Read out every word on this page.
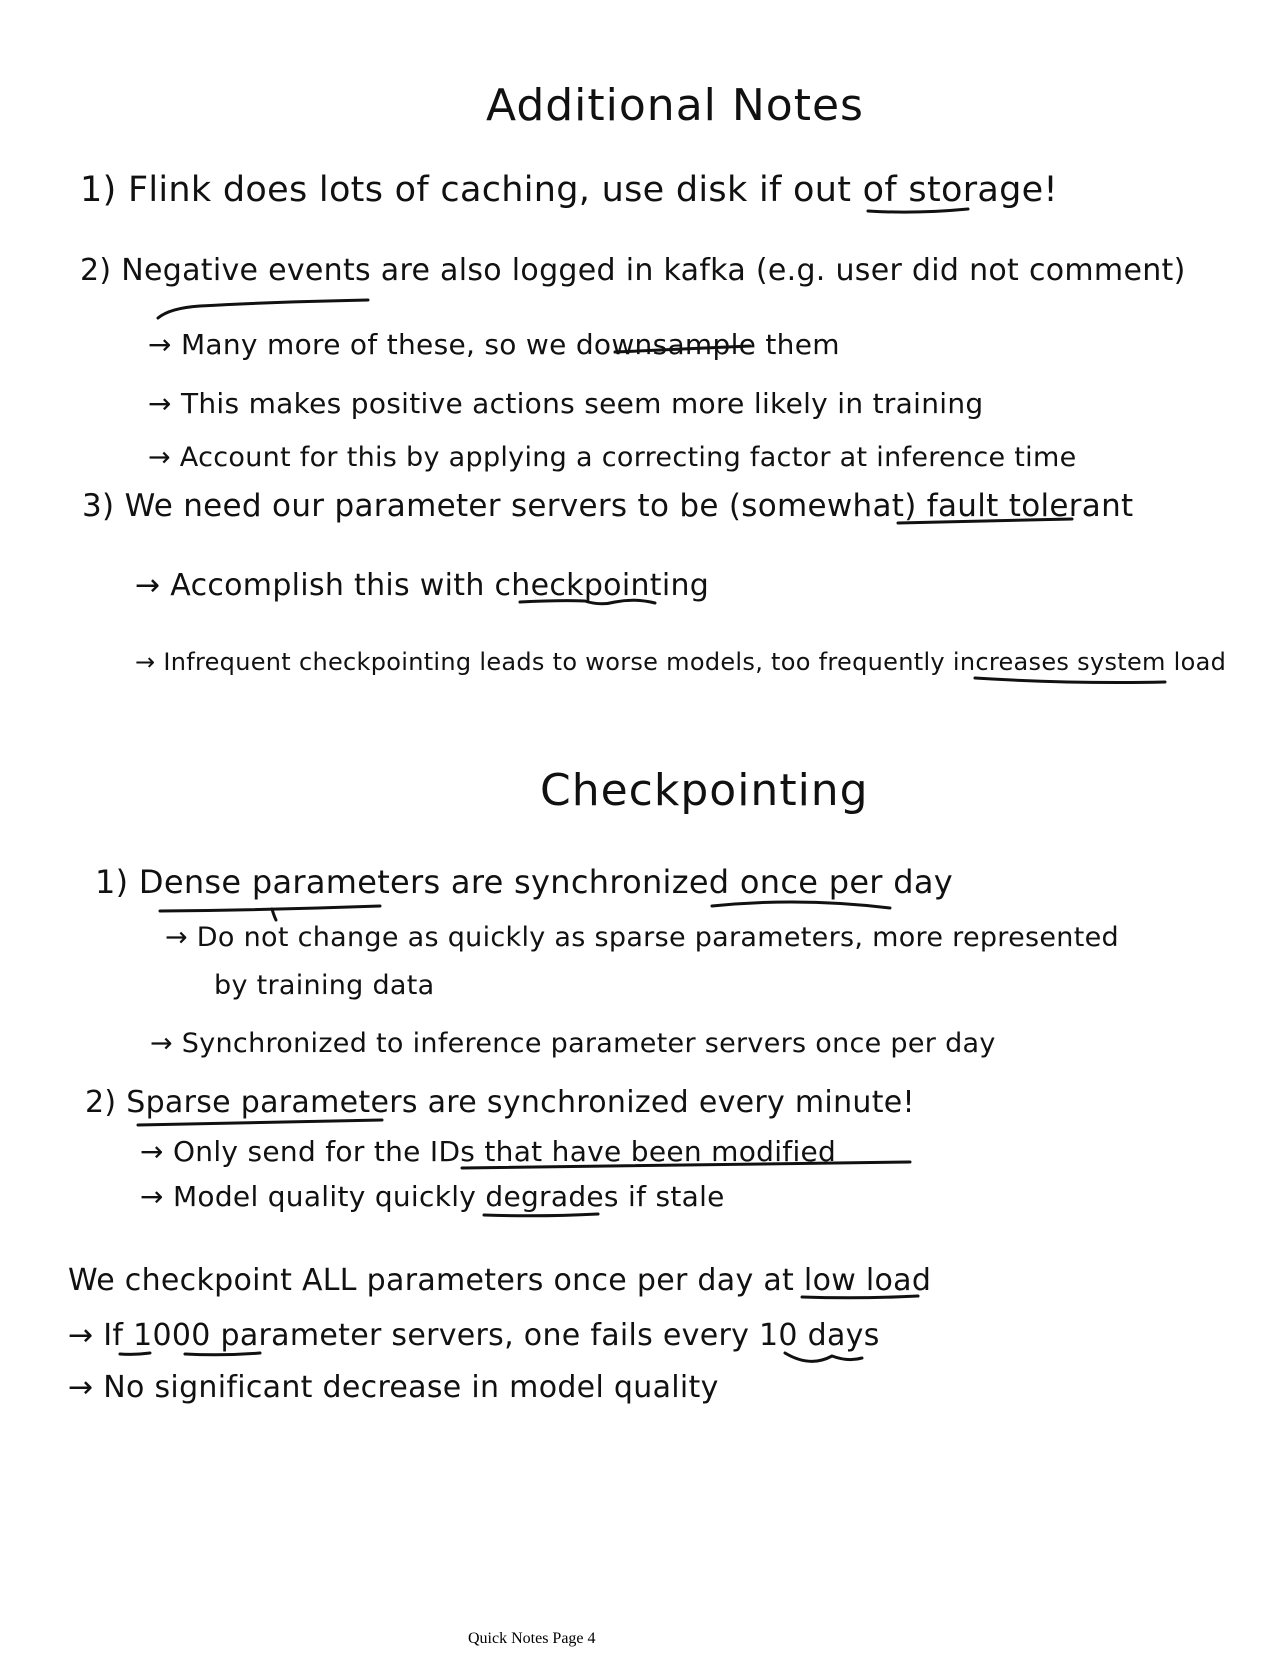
Additional Notes
1) Flink does lots of caching, use disk if out of storage!
2) Negative events are also logged in kafka (e.g. user did not comment)
→ Many more of these, so we downsample them
→ This makes positive actions seem more likely in training
→ Account for this by applying a correcting factor at inference time
3) We need our parameter servers to be (somewhat) fault tolerant
→ Accomplish this with checkpointing
→ Infrequent checkpointing leads to worse models, too frequently increases system load
Checkpointing
1) Dense parameters are synchronized once per day
→ Do not change as quickly as sparse parameters, more represented
by training data
→ Synchronized to inference parameter servers once per day
2) Sparse parameters are synchronized every minute!
→ Only send for the IDs that have been modified
→ Model quality quickly degrades if stale
We checkpoint ALL parameters once per day at low load
→ If 1000 parameter servers, one fails every 10 days
→ No significant decrease in model quality
Quick Notes Page 4
